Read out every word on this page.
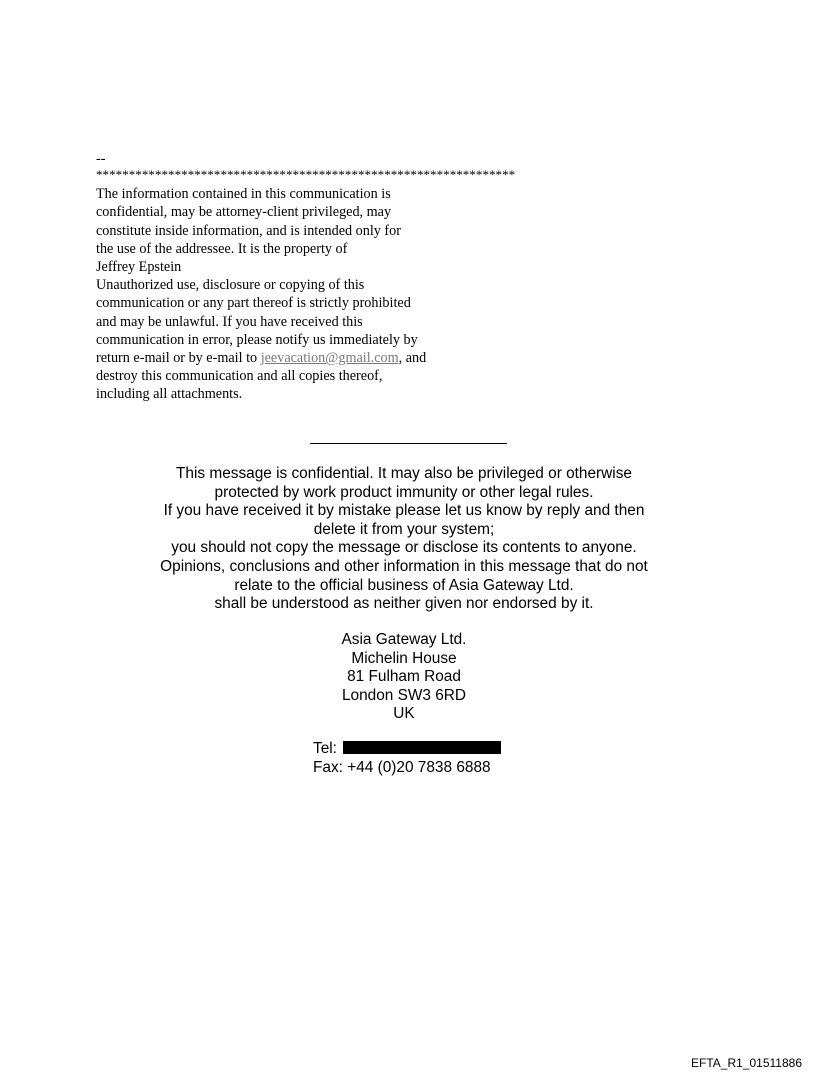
--
****************************************************************
The information contained in this communication is
confidential, may be attorney-client privileged, may
constitute inside information, and is intended only for
the use of the addressee. It is the property of
Jeffrey Epstein
Unauthorized use, disclosure or copying of this
communication or any part thereof is strictly prohibited
and may be unlawful. If you have received this
communication in error, please notify us immediately by
return e-mail or by e-mail to jeevacation@gmail.com, and
destroy this communication and all copies thereof,
including all attachments.
This message is confidential. It may also be privileged or otherwise
protected by work product immunity or other legal rules.
If you have received it by mistake please let us know by reply and then
delete it from your system;
you should not copy the message or disclose its contents to anyone.
Opinions, conclusions and other information in this message that do not
relate to the official business of Asia Gateway Ltd.
shall be understood as neither given nor endorsed by it.
Asia Gateway Ltd.
Michelin House
81 Fulham Road
London SW3 6RD
UK
Tel:
Fax: +44 (0)20 7838 6888
EFTA_R1_01511886
